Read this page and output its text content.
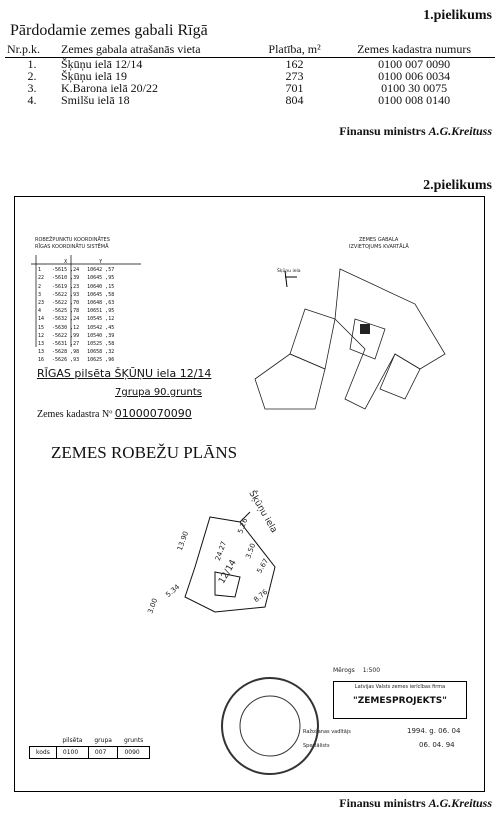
1.pielikums
Pārdodamie zemes gabali Rīgā
Nr.p.k.	Zemes gabala atrašanās vieta	Platība, m²	Zemes kadastra numurs
1.	Šķūņu ielā 12/14	162	0100 007 0090
2.	Šķūņu ielā 19	273	0100 006 0034
3.	K.Barona ielā 20/22	701	0100 30 0075
4.	Smilšu ielā 18	804	0100 008 0140
Finansu ministrs A.G.Kreituss
2.pielikums
ROBEŽPUNKTU KOORDINĀTES
RĪGAS KOORDINĀTU SISTĒMĀ
	X	Y
1	-5615 ,24	10642 ,57
22	-5610 ,39	10645 ,95
2	-5619 ,23	10640 ,15
3	-5622 ,93	10645 ,58
23	-5622 ,70	10648 ,63
4	-5625 ,78	10651 ,95
14	-5632 ,24	10545 ,12
15	-5630 ,12	10542 ,45
12	-5622 ,99	10540 ,39
13	-5631 ,27	10525 ,58
13	-5628 ,98	10658 ,32
16	-5626 ,93	10625 ,96
ZEMES GABALA
IZVIETOJUMS KVARTĀLĀ
Šķūņu iela
RĪGAS pilsēta ŠĶŪŅU iela 12/14
7grupa 90.grunts
Zemes kadastra Nº 01000070090
ZEMES ROBEŽU PLĀNS
13.90
5.26
24.27 3.50
5.67
3.00
8.76
5.34
Šķūņu iela
12/14
Mērogs 1:500
Latvijas Valsts zemes ierīcības firma
"ZEMESPROJEKTS"
Ražošanas vadītājs
Speciālists
1994. g. 06. 04
06. 04. 94
	pilsēta	grupa	grunts
kods	0100	007	0090
Finansu ministrs A.G.Kreituss
